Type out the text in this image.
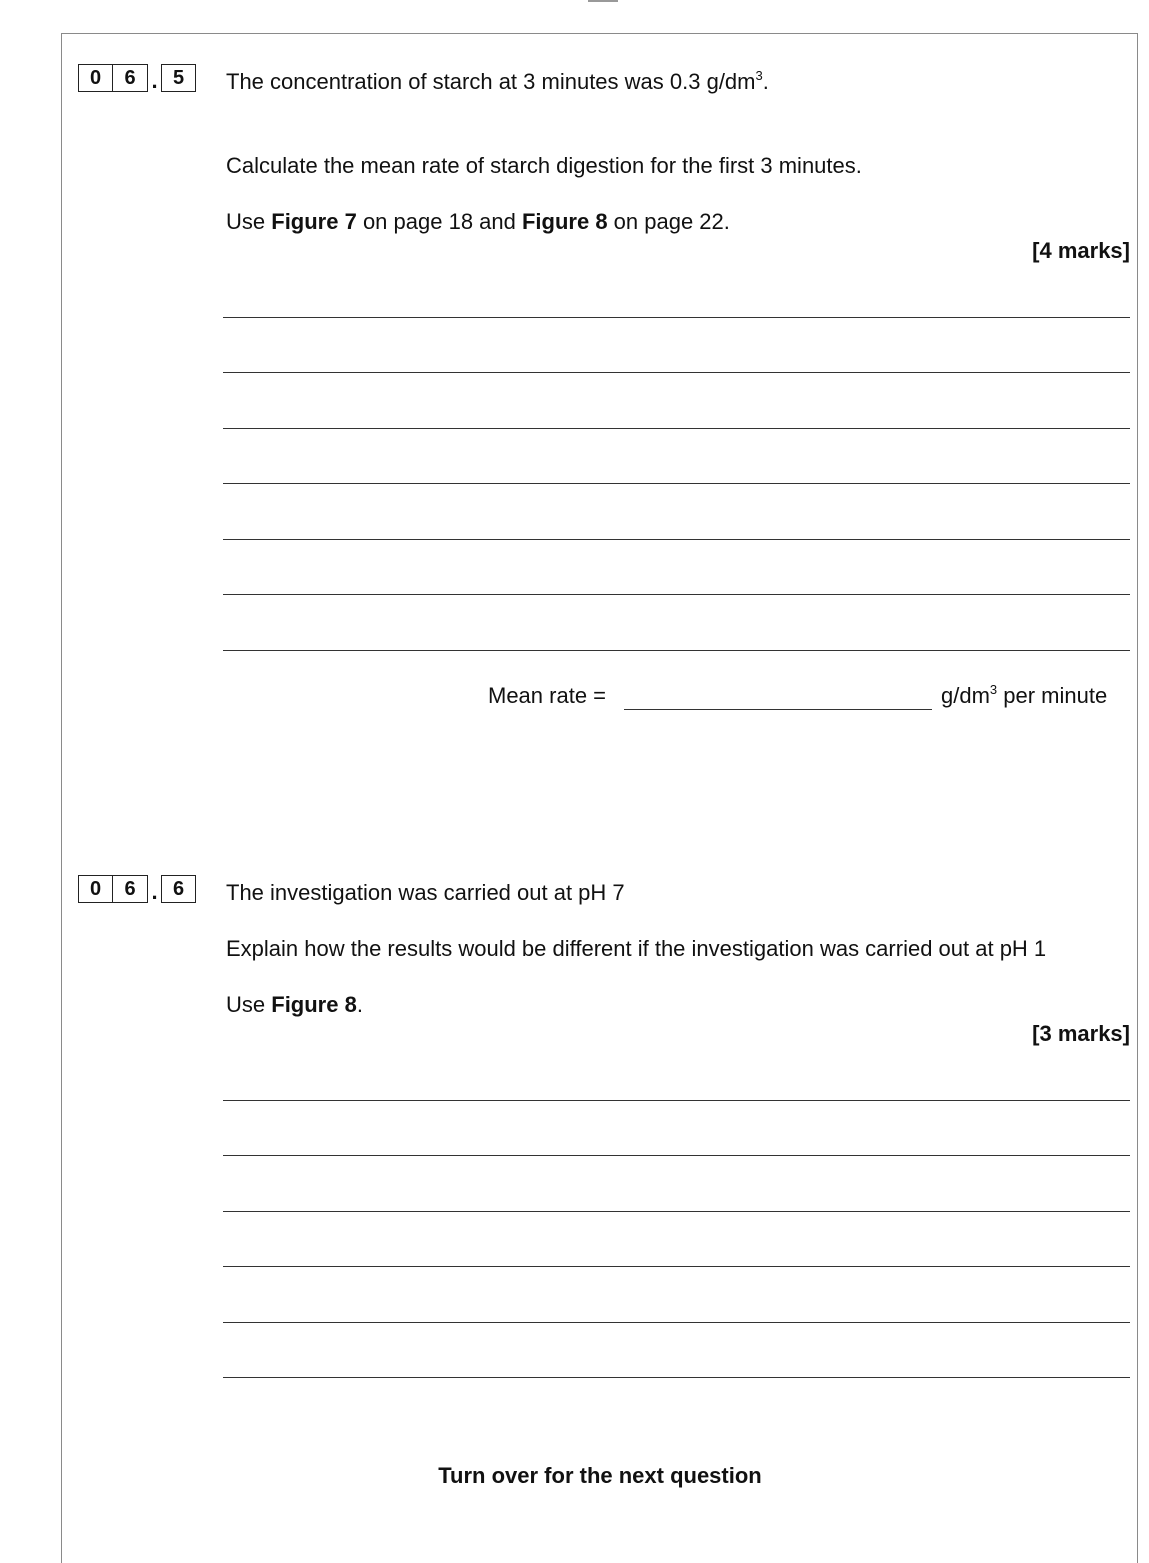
0	6 . 5	The concentration of starch at 3 minutes was 0.3 $g/dm^3$.
Calculate the mean rate of starch digestion for the first 3 minutes.
Use Figure 7 on page 18 and Figure 8 on page 22.
[4 marks]
Mean rate =	$g/dm^3$ per minute
0	6 . 6	The investigation was carried out at pH 7
Explain how the results would be different if the investigation was carried out at pH 1
Use Figure 8.
[3 marks]
Turn over for the next question
